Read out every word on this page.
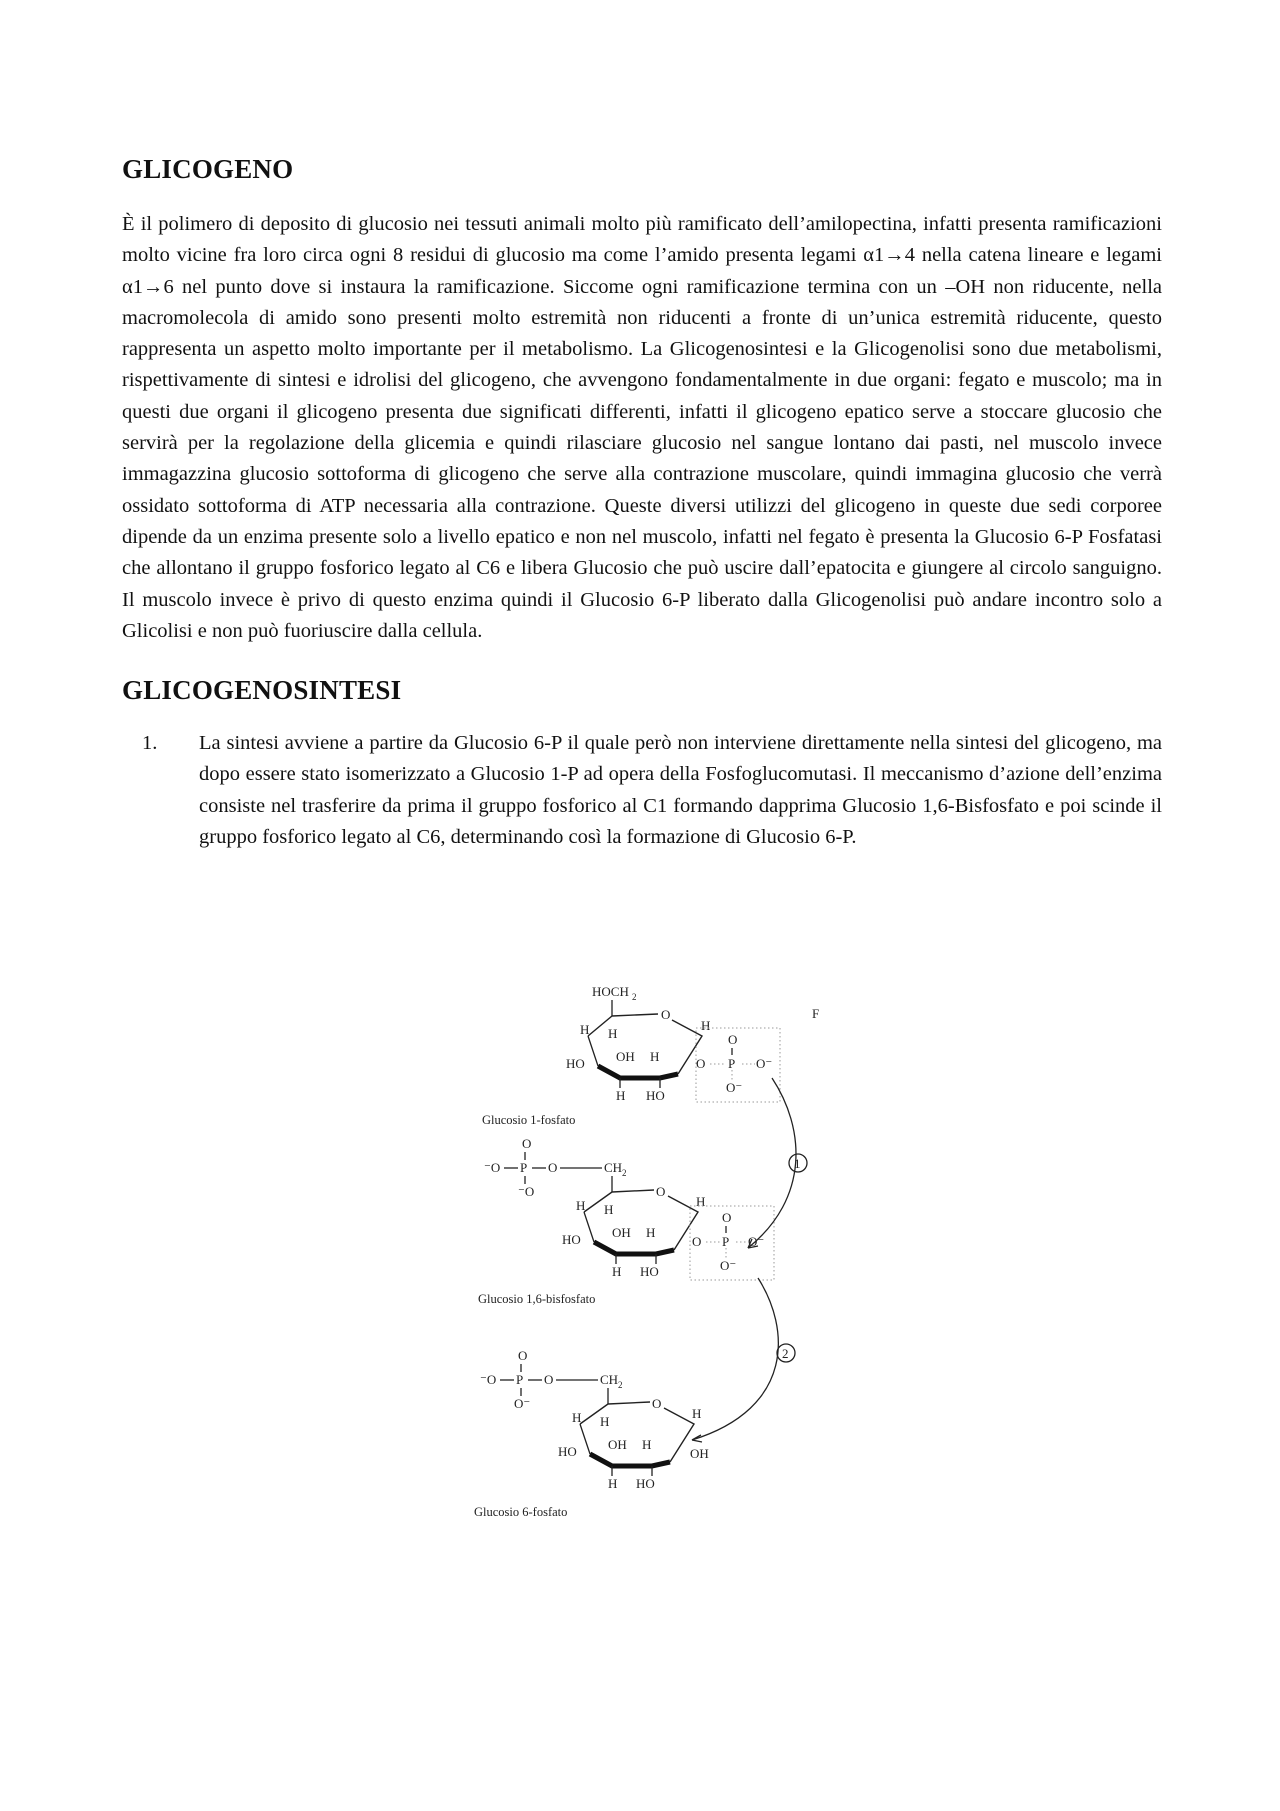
GLICOGENO

È il polimero di deposito di glucosio nei tessuti animali molto più ramificato dell’amilopectina, infatti presenta ramificazioni molto vicine fra loro circa ogni 8 residui di glucosio ma come l’amido presenta legami α1→4 nella catena lineare e legami α1→6 nel punto dove si instaura la ramificazione. Siccome ogni ramificazione termina con un –OH non riducente, nella macromolecola di amido sono presenti molto estremità non riducenti a fronte di un’unica estremità riducente, questo rappresenta un aspetto molto importante per il metabolismo. La Glicogenosintesi e la Glicogenolisi sono due metabolismi, rispettivamente di sintesi e idrolisi del glicogeno, che avvengono fondamentalmente in due organi: fegato e muscolo; ma in questi due organi il glicogeno presenta due significati differenti, infatti il glicogeno epatico serve a stoccare glucosio che servirà per la regolazione della glicemia e quindi rilasciare glucosio nel sangue lontano dai pasti, nel muscolo invece immagazzina glucosio sottoforma di glicogeno che serve alla contrazione muscolare, quindi immagina glucosio che verrà ossidato sottoforma di ATP necessaria alla contrazione. Queste diversi utilizzi del glicogeno in queste due sedi corporee dipende da un enzima presente solo a livello epatico e non nel muscolo, infatti nel fegato è presenta la Glucosio 6-P Fosfatasi che allontano il gruppo fosforico legato al C6 e libera Glucosio che può uscire dall’epatocita e giungere al circolo sanguigno. Il muscolo invece è privo di questo enzima quindi il Glucosio 6-P liberato dalla Glicogenolisi può andare incontro solo a Glicolisi e non può fuoriuscire dalla cellula.

GLICOGENOSINTESI
1. La sintesi avviene a partire da Glucosio 6-P il quale però non interviene direttamente nella sintesi del glicogeno, ma dopo essere stato isomerizzato a Glucosio 1-P ad opera della Fosfoglucomutasi. Il meccanismo d’azione dell’enzima consiste nel trasferire da prima il gruppo fosforico al C1 formando dapprima Glucosio 1,6-Bisfosfato e poi scinde il gruppo fosforico legato al C6, determinando così la formazione di Glucosio 6-P.
F
HOCH 2
O
H H
H
OH H
HO
H HO
O P
O
O⁻
O⁻
Glucosio 1-fosfato
1
O
⁻O P O
⁻O
CH 2
O
H H
H
OH H
HO
H HO
O P
O
O⁻
O⁻
Glucosio 1,6-bisfosfato
2
O
⁻O P O
O⁻
CH 2
O
H H
H
OH H
HO	OH
H HO
Glucosio 6-fosfato
